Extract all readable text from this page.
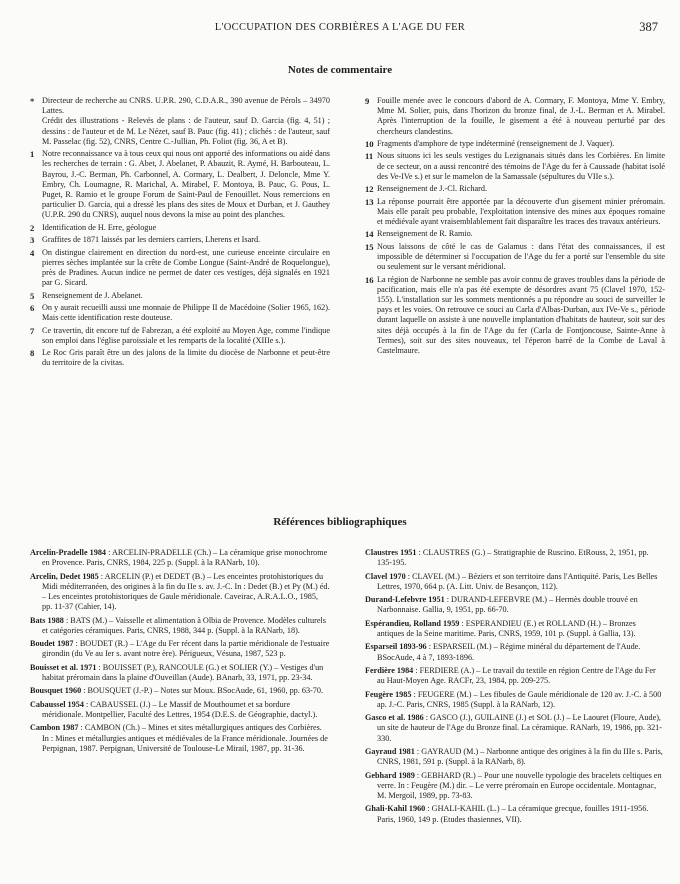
L'OCCUPATION DES CORBIÈRES A L'AGE DU FER	387
Notes de commentaire
* Directeur de recherche au CNRS. U.P.R. 290, C.D.A.R., 390 avenue de Pérols – 34970 Lattes.

Crédit des illustrations - Relevés de plans : de l'auteur, sauf D. Garcia (fig. 4, 51) ; dessins : de l'auteur et de M. Le Nézet, sauf B. Pauc (fig. 41) ; clichés : de l'auteur, sauf M. Passelac (fig. 52), CNRS, Centre C.-Jullian, Ph. Foliot (fig. 36, A et B).

1 Notre reconnaissance va à tous ceux qui nous ont apporté des informations ou aidé dans les recherches de terrain : G. Abet, J. Abelanet, P. Abauzit, R. Aymé, H. Barbouteau, L. Bayrou, J.-C. Berman, Ph. Carbonnel, A. Cormary, L. Dealbert, J. Deloncle, Mme Y. Embry, Ch. Loumagne, R. Marichal, A. Mirabel, F. Montoya, B. Pauc, G. Pous, L. Puget, R. Ramio et le groupe Forum de Saint-Paul de Fenouillet. Nous remercions en particulier D. Garcia, qui a dressé les plans des sites de Moux et Durban, et J. Gauthey (U.P.R. 290 du CNRS), auquel nous devons la mise au point des planches.

2 Identification de H. Erre, géologue

3 Graffites de 1871 laissés par les derniers carriers, Lherens et Isard.

4 On distingue clairement en direction du nord-est, une curieuse enceinte circulaire en pierres sèches implantée sur la crête de Combe Longue (Saint-André de Roquelongue), près de Pradines. Aucun indice ne permet de dater ces vestiges, déjà signalés en 1921 par G. Sicard.

5 Renseignement de J. Abelanet.

6 On y aurait recueilli aussi une monnaie de Philippe II de Macédoine (Solier 1965, 162). Mais cette identification reste douteuse.

7 Ce travertin, dit encore tuf de Fabrezan, a été exploité au Moyen Age, comme l'indique son emploi dans l'église paroissiale et les remparts de la localité (XIIIe s.).

8 Le Roc Gris paraît être un des jalons de la limite du diocèse de Narbonne et peut-être du territoire de la civitas.

9 Fouille menée avec le concours d'abord de A. Cormary, F. Montoya, Mme Y. Embry, Mme M. Solier, puis, dans l'horizon du bronze final, de J.-L. Berman et A. Mirabel. Après l'interruption de la fouille, le gisement a été à nouveau perturbé par des chercheurs clandestins.

10 Fragments d'amphore de type indéterminé (renseignement de J. Vaquer).

11 Nous situons ici les seuls vestiges du Lezignanais situés dans les Corbières. En limite de ce secteur, on a aussi rencontré des témoins de l'Age du fer à Caussade (habitat isolé des Ve-IVe s.) et sur le mamelon de la Samassale (sépultures du VIIe s.).

12 Renseignement de J.-Cl. Richard.

13 La réponse pourrait être apportée par la découverte d'un gisement minier préromain. Mais elle paraît peu probable, l'exploitation intensive des mines aux époques romaine et médiévale ayant vraisemblablement fait disparaître les traces des travaux antérieurs.

14 Renseignement de R. Ramio.

15 Nous laissons de côté le cas de Galamus : dans l'état des connaissances, il est impossible de déterminer si l'occupation de l'Age du fer a porté sur l'ensemble du site ou seulement sur le versant méridional.

16 La région de Narbonne ne semble pas avoir connu de graves troubles dans la période de pacification, mais elle n'a pas été exempte de désordres avant 75 (Clavel 1970, 152-155). L'installation sur les sommets mentionnés a pu répondre au souci de surveiller le pays et les voies. On retrouve ce souci au Carla d'Albas-Durban, aux IVe-Ve s., période durant laquelle on assiste à une nouvelle implantation d'habitats de hauteur, soit sur des sites déjà occupés à la fin de l'Age du fer (Carla de Fontjoncouse, Sainte-Anne à Termes), soit sur des sites nouveaux, tel l'éperon barré de la Combe de Laval à Castelmaure.

Références bibliographiques
Arcelin-Pradelle 1984 : ARCELIN-PRADELLE (Ch.) – La céramique grise monochrome en Provence. Paris, CNRS, 1984, 225 p. (Suppl. à la RANarb, 10).
Arcelin, Dedet 1985 : ARCELIN (P.) et DEDET (B.) – Les enceintes protohistoriques du Midi méditerranéen, des origines à la fin du IIe s. av. J.-C. In : Dedet (B.) et Py (M.) éd. – Les enceintes protohistoriques de Gaule méridionale. Caveirac, A.R.A.L.O., 1985, pp. 11-37 (Cahier, 14).
Bats 1988 : BATS (M.) – Vaisselle et alimentation à Olbia de Provence. Modèles culturels et catégories céramiques. Paris, CNRS, 1988, 344 p. (Suppl. à la RANarb, 18).
Boudet 1987 : BOUDET (R.) – L'Age du Fer récent dans la partie méridionale de l'estuaire girondin (du Ve au Ier s. avant notre ère). Périgueux, Vésuna, 1987, 523 p.
Bouisset et al. 1971 : BOUISSET (P.), RANCOULE (G.) et SOLIER (Y.) – Vestiges d'un habitat préromain dans la plaine d'Ouveillan (Aude). BAnarb, 33, 1971, pp. 23-34.
Bousquet 1960 : BOUSQUET (J.-P.) – Notes sur Moux. BSocAude, 61, 1960, pp. 63-70.
Cabaussel 1954 : CABAUSSEL (J.) – Le Massif de Mouthoumet et sa bordure méridionale. Montpellier, Faculté des Lettres, 1954 (D.E.S. de Géographie, dactyl.).
Cambon 1987 : CAMBON (Ch.) – Mines et sites métallurgiques antiques des Corbières. In : Mines et métallurgies antiques et médiévales de la France méridionale. Journées de Perpignan, 1987. Perpignan, Université de Toulouse-Le Mirail, 1987, pp. 31-36.
Claustres 1951 : CLAUSTRES (G.) – Stratigraphie de Ruscino. EtRouss, 2, 1951, pp. 135-195.
Clavel 1970 : CLAVEL (M.) – Béziers et son territoire dans l'Antiquité. Paris, Les Belles Lettres, 1970, 664 p. (A. Litt. Univ. de Besançon, 112).
Durand-Lefebvre 1951 : DURAND-LEFEBVRE (M.) – Hermès double trouvé en Narbonnaise. Gallia, 9, 1951, pp. 66-70.
Espérandieu, Rolland 1959 : ESPERANDIEU (E.) et ROLLAND (H.) – Bronzes antiques de la Seine maritime. Paris, CNRS, 1959, 101 p. (Suppl. à Gallia, 13).
Esparseil 1893-96 : ESPARSEIL (M.) – Régime minéral du département de l'Aude. BSocAude, 4 à 7, 1893-1896.
Ferdière 1984 : FERDIERE (A.) – Le travail du textile en région Centre de l'Age du Fer au Haut-Moyen Age. RACFr, 23, 1984, pp. 209-275.
Feugère 1985 : FEUGERE (M.) – Les fibules de Gaule méridionale de 120 av. J.-C. à 500 ap. J.-C. Paris, CNRS, 1985 (Suppl. à la RANarb, 12).
Gasco et al. 1986 : GASCO (J.), GUILAINE (J.) et SOL (J.) – Le Laouret (Floure, Aude), un site de hauteur de l'Age du Bronze final. La céramique. RANarb, 19, 1986, pp. 321-330.
Gayraud 1981 : GAYRAUD (M.) – Narbonne antique des origines à la fin du IIIe s. Paris, CNRS, 1981, 591 p. (Suppl. à la RANarb, 8).
Gebhard 1989 : GEBHARD (R.) – Pour une nouvelle typologie des bracelets celtiques en verre. In : Feugère (M.) dir. – Le verre préromain en Europe occidentale. Montagnac, M. Mergoil, 1989, pp. 73-83.
Ghali-Kahil 1960 : GHALI-KAHIL (L.) – La céramique grecque, fouilles 1911-1956. Paris, 1960, 149 p. (Etudes thasiennes, VII).
